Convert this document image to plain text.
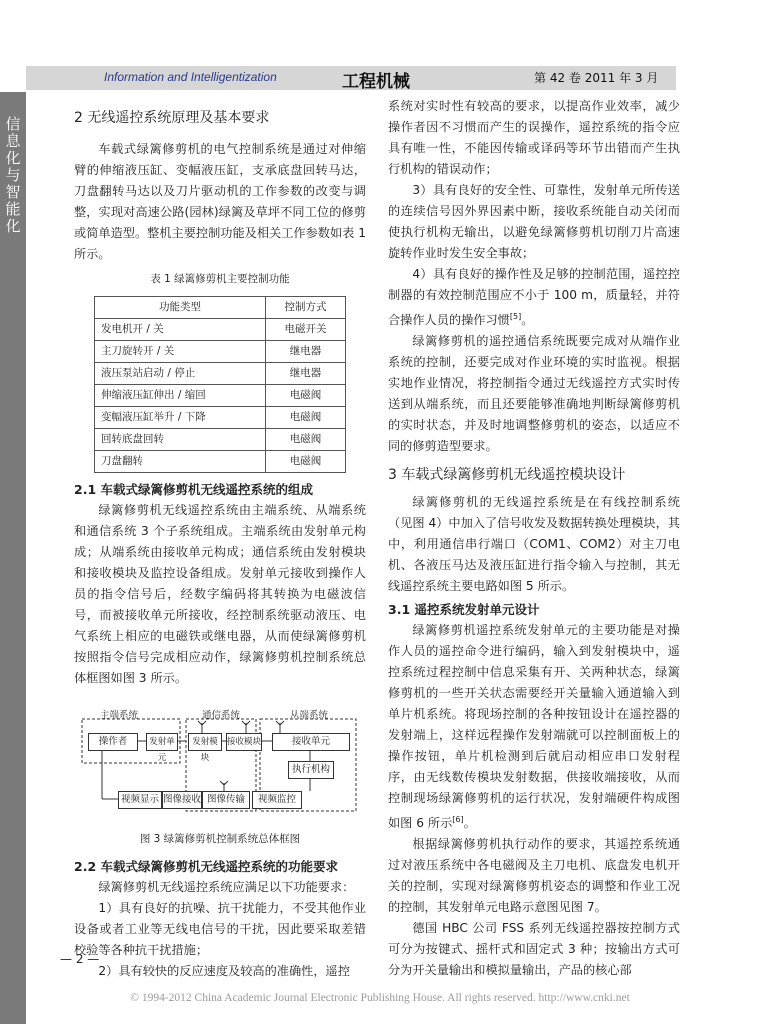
信息化与智能化
Information and Intelligentization	工程机械	第 42 卷 2011 年 3 月
2 无线遥控系统原理及基本要求

车载式绿篱修剪机的电气控制系统是通过对伸缩臂的伸缩液压缸、变幅液压缸，支承底盘回转马达，刀盘翻转马达以及刀片驱动机的工作参数的改变与调整，实现对高速公路(园林)绿篱及草坪不同工位的修剪或简单造型。整机主要控制功能及相关工作参数如表 1 所示。

表 1 绿篱修剪机主要控制功能
功能类型	控制方式
发电机开 / 关	电磁开关
主刀旋转开 / 关	继电器
液压泵站启动 / 停止	继电器
伸缩液压缸伸出 / 缩回	电磁阀
变幅液压缸举升 / 下降	电磁阀
回转底盘回转	电磁阀
刀盘翻转	电磁阀
2.1 车载式绿篱修剪机无线遥控系统的组成

绿篱修剪机无线遥控系统由主端系统、从端系统和通信系统 3 个子系统组成。主端系统由发射单元构成；从端系统由接收单元构成；通信系统由发射模块和接收模块及监控设备组成。发射单元接收到操作人员的指令信号后，经数字编码将其转换为电磁波信号，而被接收单元所接收，经控制系统驱动液压、电气系统上相应的电磁铁或继电器，从而使绿篱修剪机按照指令信号完成相应动作，绿篱修剪机控制系统总体框图如图 3 所示。

主端系统	通信系统	从端系统
操作者	发射单元
发射模块
接收模块	接收单元
执行机构
视频显示 图像接收 图像传输	视频监控
图 3 绿篱修剪机控制系统总体框图
2.2 车载式绿篱修剪机无线遥控系统的功能要求

绿篱修剪机无线遥控系统应满足以下功能要求：

1）具有良好的抗噪、抗干扰能力，不受其他作业设备或者工业等无线电信号的干扰，因此要采取差错校验等各种抗干扰措施；

2）具有较快的反应速度及较高的准确性，遥控

系统对实时性有较高的要求，以提高作业效率，减少操作者因不习惯而产生的误操作，遥控系统的指令应具有唯一性，不能因传输或译码等环节出错而产生执行机构的错误动作；

3）具有良好的安全性、可靠性，发射单元所传送的连续信号因外界因素中断，接收系统能自动关闭而使执行机构无输出，以避免绿篱修剪机切削刀片高速旋转作业时发生安全事故；

4）具有良好的操作性及足够的控制范围，遥控控制器的有效控制范围应不小于 100 m，质量轻，并符合操作人员的操作习惯[5]。

绿篱修剪机的遥控通信系统既要完成对从端作业系统的控制，还要完成对作业环境的实时监视。根据实地作业情况，将控制指令通过无线遥控方式实时传送到从端系统，而且还要能够准确地判断绿篱修剪机的实时状态，并及时地调整修剪机的姿态，以适应不同的修剪造型要求。

3 车载式绿篱修剪机无线遥控模块设计

绿篱修剪机的无线遥控系统是在有线控制系统（见图 4）中加入了信号收发及数据转换处理模块，其中，利用通信串行端口（COM1、COM2）对主刀电机、各液压马达及液压缸进行指令输入与控制，其无线遥控系统主要电路如图 5 所示。

3.1 遥控系统发射单元设计

绿篱修剪机遥控系统发射单元的主要功能是对操作人员的遥控命令进行编码，输入到发射模块中，遥控系统过程控制中信息采集有开、关两种状态，绿篱修剪机的一些开关状态需要经开关量输入通道输入到单片机系统。将现场控制的各种按钮设计在遥控器的发射端上，这样远程操作发射端就可以控制面板上的操作按钮，单片机检测到后就启动相应串口发射程序，由无线数传模块发射数据，供接收端接收，从而控制现场绿篱修剪机的运行状况，发射端硬件构成图如图 6 所示[6]。

根据绿篱修剪机执行动作的要求，其遥控系统通过对液压系统中各电磁阀及主刀电机、底盘发电机开关的控制，实现对绿篱修剪机姿态的调整和作业工况的控制，其发射单元电路示意图见图 7。

德国 HBC 公司 FSS 系列无线遥控器按控制方式可分为按键式、摇杆式和固定式 3 种；按输出方式可分为开关量输出和模拟量输出，产品的核心部

— 2 —
© 1994-2012 China Academic Journal Electronic Publishing House. All rights reserved. http://www.cnki.net
